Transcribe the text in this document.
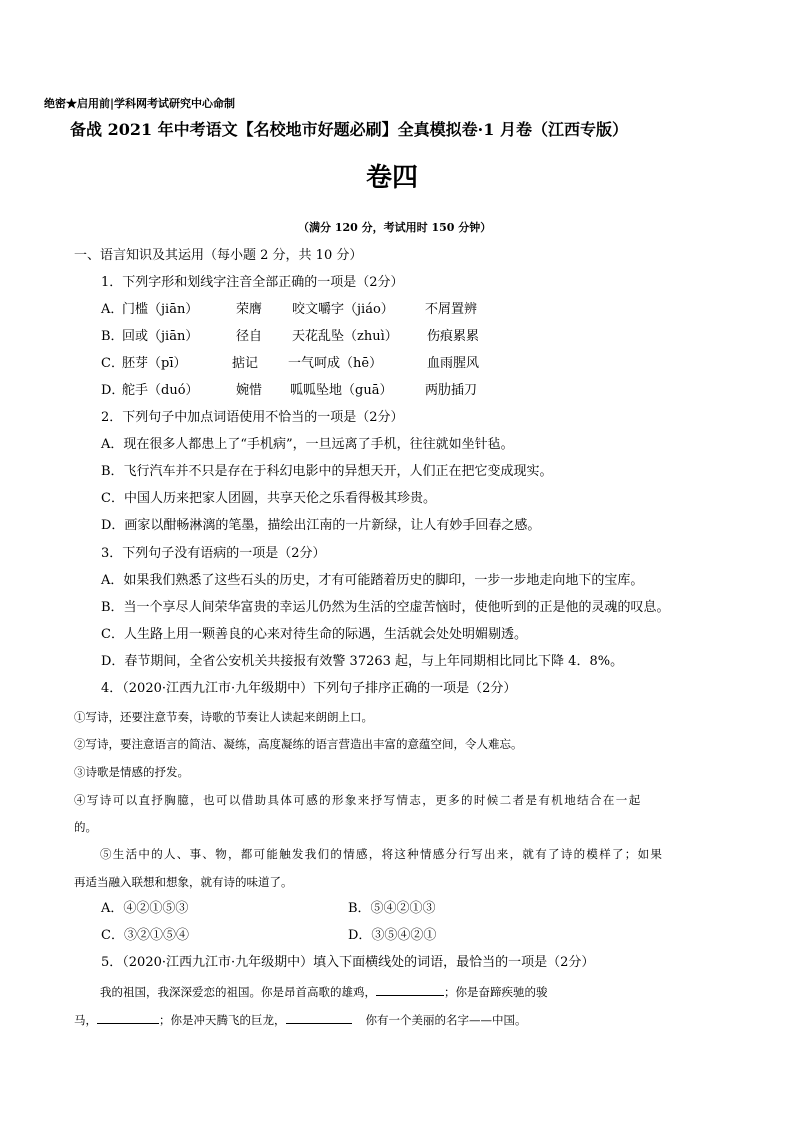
绝密★启用前|学科网考试研究中心命制
备战 2021 年中考语文【名校地市好题必刷】全真模拟卷·1 月卷（江西专版）
卷四
（满分 120 分，考试用时 150 分钟）
一、语言知识及其运用（每小题 2 分，共 10 分）
1．下列字形和划线字注音全部正确的一项是（2分）
A．
门槛（jiān）	荣膺 咬文嚼字（jiáo） 不屑置辨
B．
回或（jiān）	径自 天花乱坠（zhuì） 伤痕累累
C．
胚芽（pī）	掂记 一气呵成（hē）	血雨腥风
D．
舵手（duó）	婉惜 呱呱坠地（guā）	两肋插刀
2．下列句子中加点词语使用不恰当的一项是（2分）
A．现在很多人都患上了“手机病”，一旦远离了手机，往往就如坐针毡。
B．飞行汽车并不只是存在于科幻电影中的异想天开，人们正在把它变成现实。
C．中国人历来把家人团圆，共享天伦之乐看得极其珍贵。
D．画家以酣畅淋漓的笔墨，描绘出江南的一片新绿，让人有妙手回春之感。
3．下列句子没有语病的一项是（2分）
A．如果我们熟悉了这些石头的历史，才有可能踏着历史的脚印，一步一步地走向地下的宝库。
B．当一个享尽人间荣华富贵的幸运儿仍然为生活的空虚苦恼时，使他听到的正是他的灵魂的叹息。
C．人生路上用一颗善良的心来对待生命的际遇，生活就会处处明媚剔透。
D．春节期间，全省公安机关共接报有效警 37263 起，与上年同期相比同比下降 4．8%。
4．（2020·江西九江市·九年级期中）下列句子排序正确的一项是（2分）
①写诗，还要注意节奏，诗歌的节奏让人读起来朗朗上口。
②写诗，要注意语言的简洁、凝练，高度凝练的语言营造出丰富的意蕴空间，令人难忘。
③诗歌是情感的抒发。
④写诗可以直抒胸臆，也可以借助具体可感的形象来抒写情志，更多的时候二者是有机地结合在一起
的。
⑤生活中的人、事、物，都可能触发我们的情感，将这种情感分行写出来，就有了诗的模样了；如果
再适当融入联想和想象，就有诗的味道了。
A．④②①⑤③	B．⑤④②①③
C．③②①⑤④	D．③⑤④②①
5．（2020·江西九江市·九年级期中）填入下面横线处的词语，最恰当的一项是（2分）
我的祖国，我深深爱恋的祖国。你是昂首高歌的雄鸡，	；你是奋蹄疾驰的骏
马，	；你是冲天腾飞的巨龙，	你有一个美丽的名字——中国。
